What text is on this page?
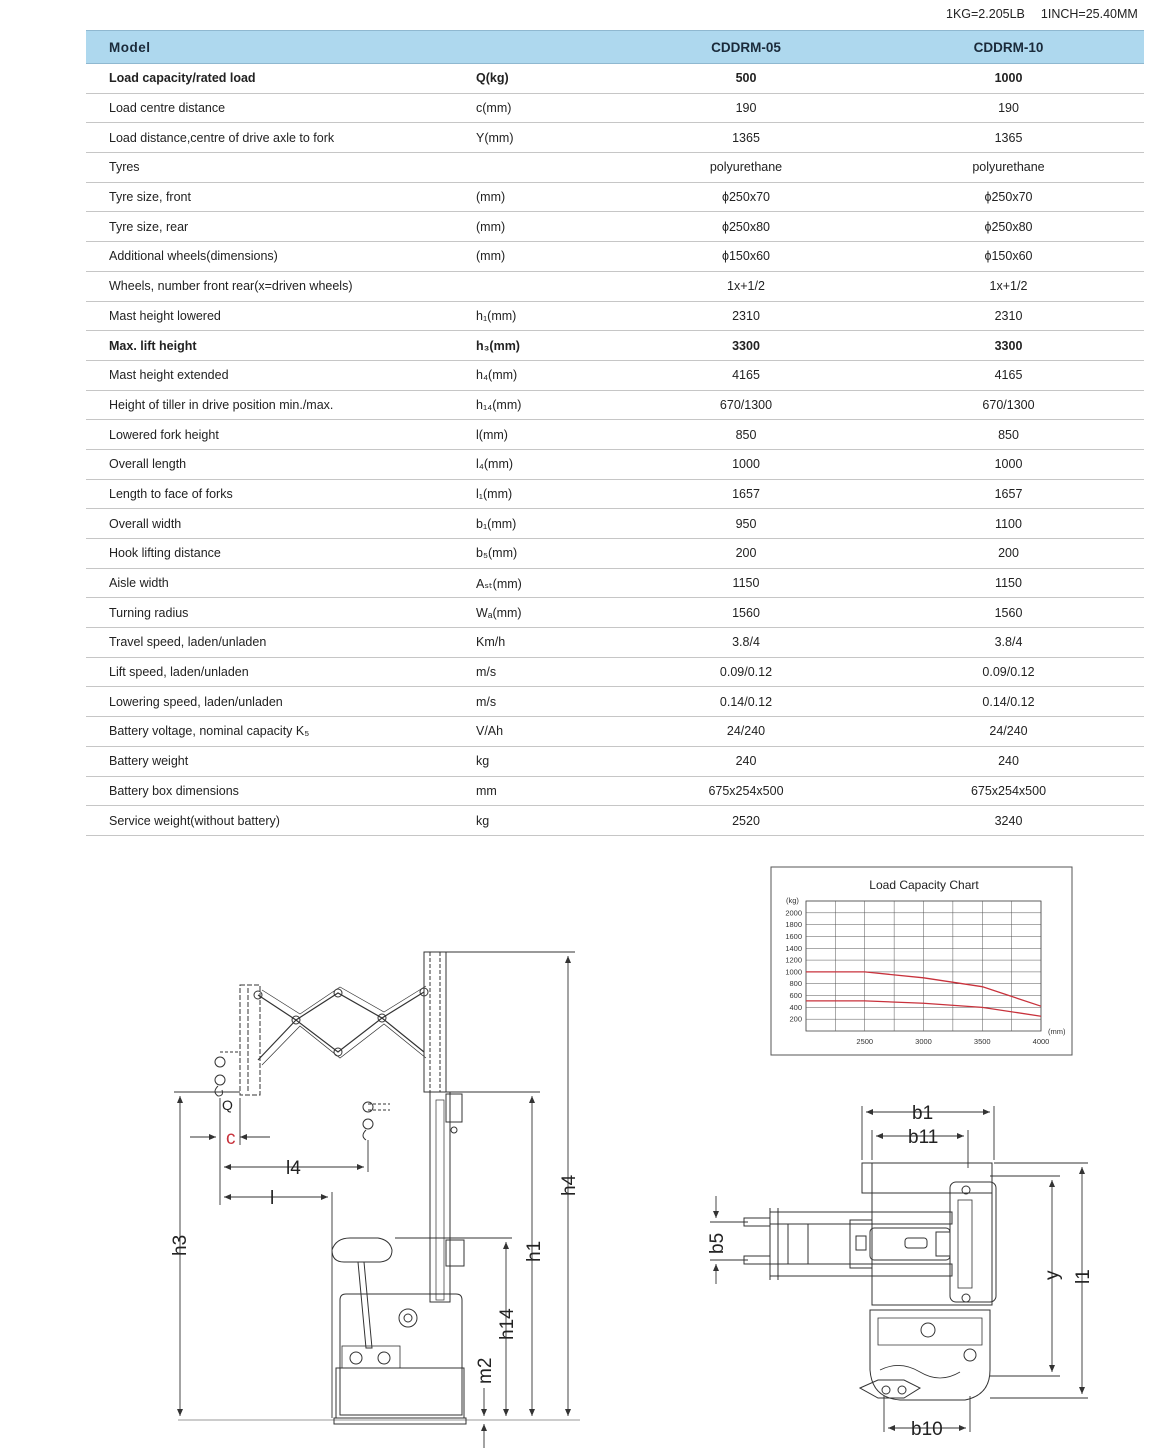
1KG=2.205LB 1INCH=25.40MM
Model		CDDRM-05	CDDRM-10
Load capacity/rated load	Q(kg)	500	1000
Load centre distance	c(mm)	190	190
Load distance,centre of drive axle to fork	Y(mm)	1365	1365
Tyres		polyurethane	polyurethane
Tyre size, front	(mm)	ϕ250x70	ϕ250x70
Tyre size, rear	(mm)	ϕ250x80	ϕ250x80
Additional wheels(dimensions)	(mm)	ϕ150x60	ϕ150x60
Wheels, number front rear(x=driven wheels)		1x+1/2	1x+1/2
Mast height lowered	h₁(mm)	2310	2310
Max. lift height	h₃(mm)	3300	3300
Mast height extended	h₄(mm)	4165	4165
Height of tiller in drive position min./max.	h₁₄(mm)	670/1300	670/1300
Lowered fork height	l(mm)	850	850
Overall length	l₄(mm)	1000	1000
Length to face of forks	l₁(mm)	1657	1657
Overall width	b₁(mm)	950	1100
Hook lifting distance	b₅(mm)	200	200
Aisle width	Aₛₜ(mm)	1150	1150
Turning radius	Wₐ(mm)	1560	1560
Travel speed, laden/unladen	Km/h	3.8/4	3.8/4
Lift speed, laden/unladen	m/s	0.09/0.12	0.09/0.12
Lowering speed, laden/unladen	m/s	0.14/0.12	0.14/0.12
Battery voltage, nominal capacity K₅	V/Ah	24/240	24/240
Battery weight	kg	240	240
Battery box dimensions	mm	675x254x500	675x254x500
Service weight(without battery)	kg	2520	3240
Q
c
l4
l
h3
h4
h1
h14
m2
Load Capacity Chart
(kg)
(mm)
200
400
600
800
1000
1200
1400
1600
1800
2000
2500	3000	3500	4000
b1
b11
b5
y l1
b10
